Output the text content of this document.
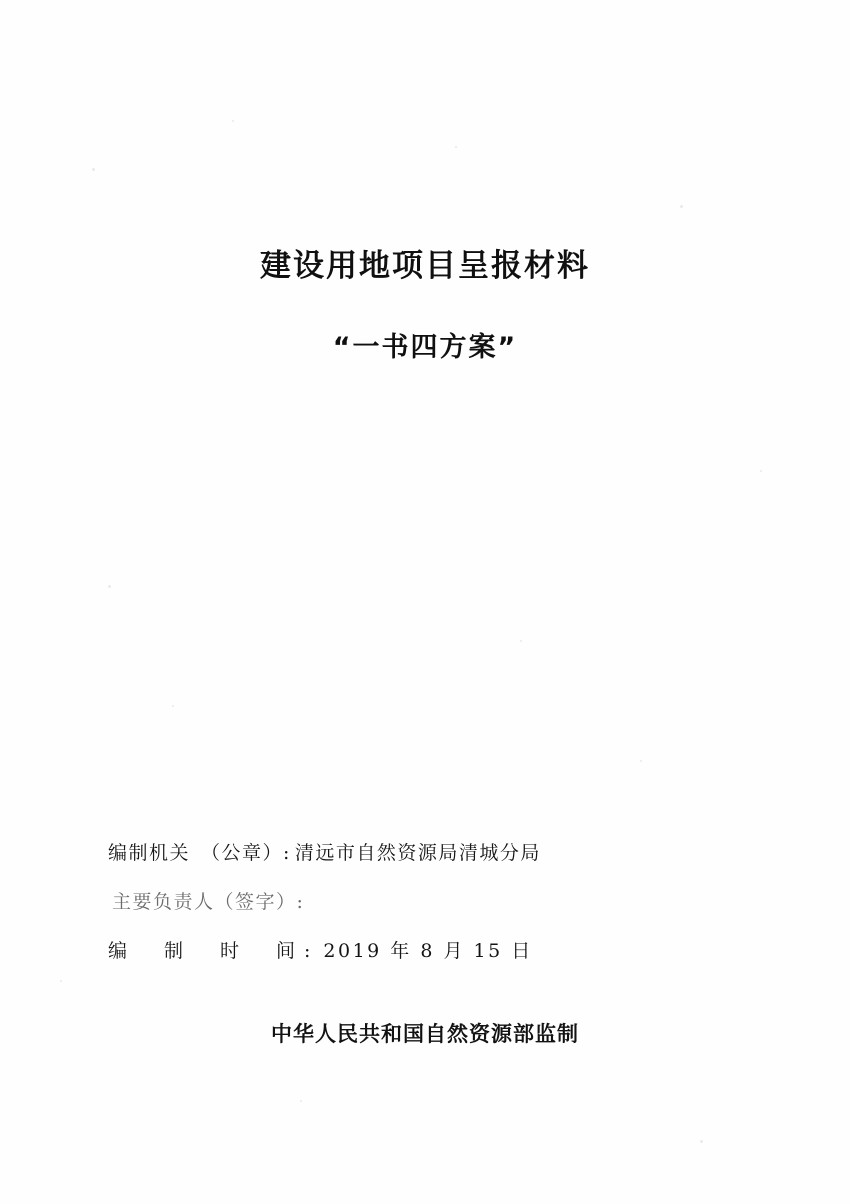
建设用地项目呈报材料
“一书四方案”
编制机关　（公章）: 清远市自然资源局清城分局
主要负责人（签字）:
编　制　时　间: 2019 年 8 月 15 日
中华人民共和国自然资源部监制
